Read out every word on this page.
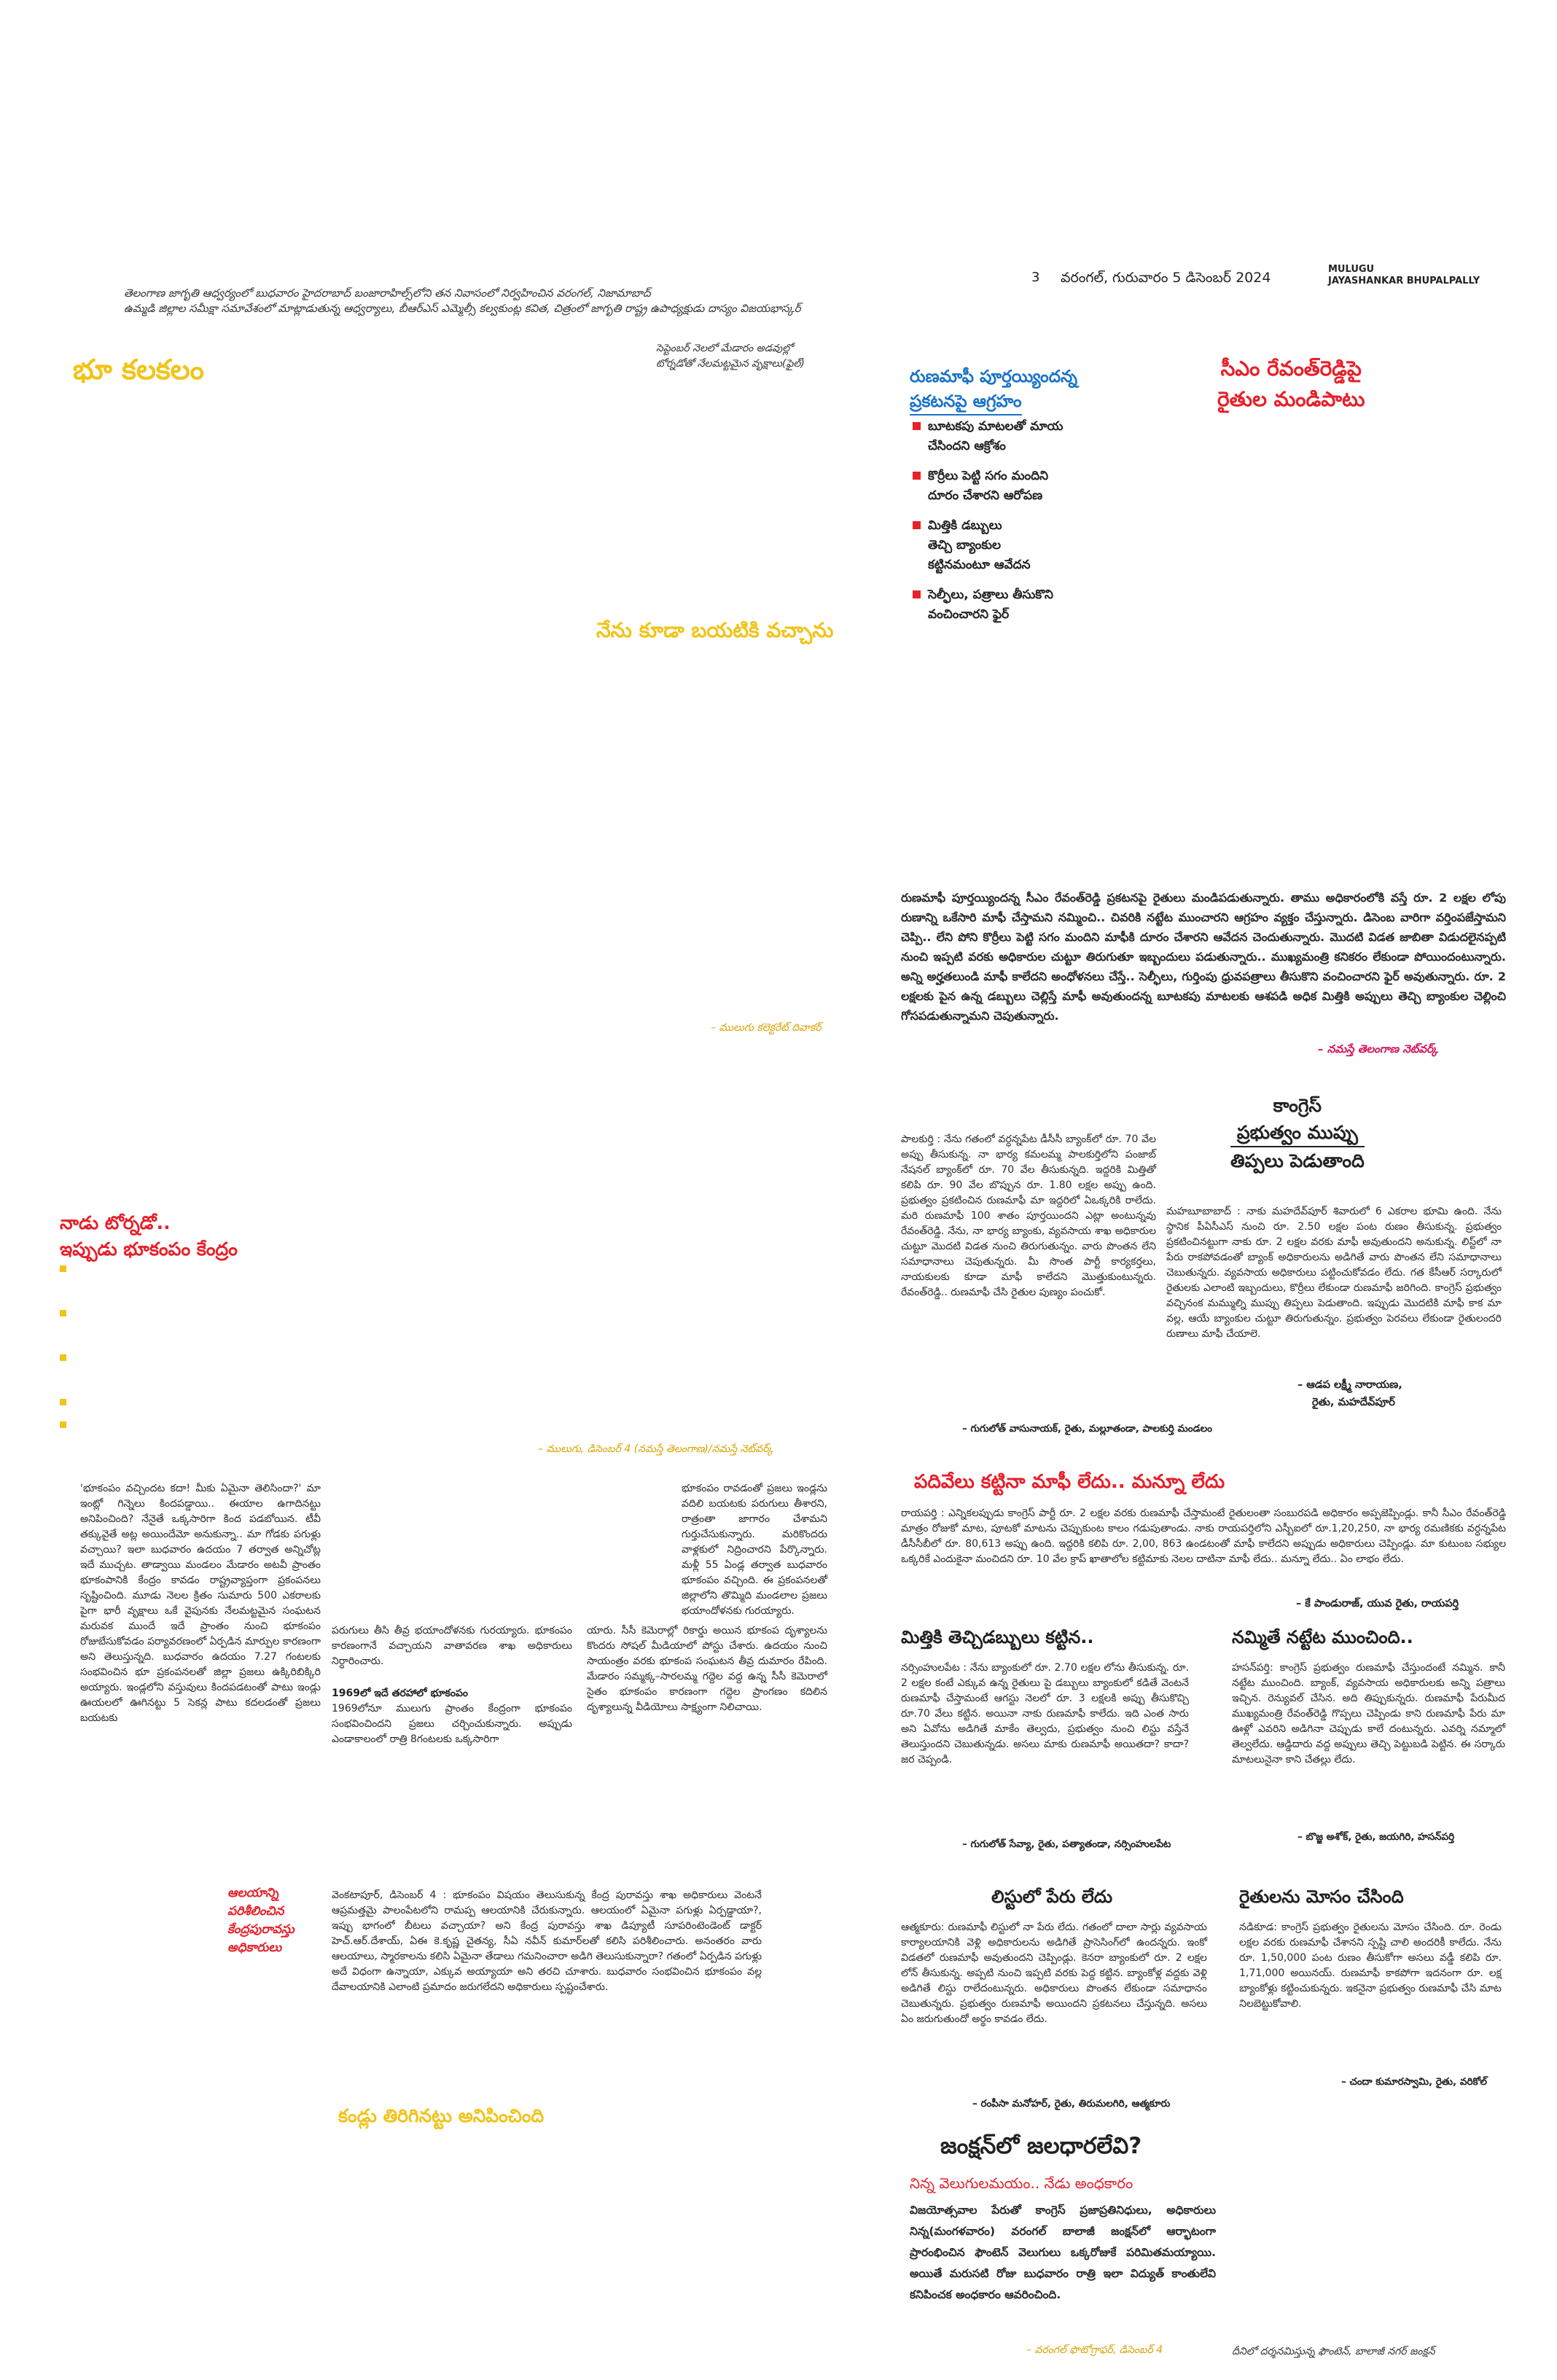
3 వరంగల్‌, గురువారం 5 డిసెంబర్‌ 2024
MULUGU
JAYASHANKAR BHUPALPALLY
తెలంగాణ జాగృతి ఆధ్వర్యంలో బుధవారం హైదరాబాద్‌ బంజారాహిల్స్‌లోని తన నివాసంలో నిర్వహించిన వరంగల్‌, నిజామాబాద్‌
ఉమ్మడి జిల్లాల సమీక్షా సమావేశంలో మాట్లాడుతున్న ఆధ్వర్యాలు, బీఆర్‌ఎస్‌ ఎమ్మెల్సీ కల్వకుంట్ల కవిత, చిత్రంలో జాగృతి రాష్ట్ర ఉపాధ్యక్షుడు దాస్యం విజయభాస్కర్‌
భూ కలకలం
సెప్టెంబర్‌ నెలలో మేడారం అడవుల్లో
టోర్నడోతో నేలమట్టమైన వృక్షాలు(ఫైల్‌)
రుణమాఫీ పూర్తయ్యిందన్న
ప్రకటనపై ఆగ్రహం
బూటకపు మాటలతో మాయ
చేసిందని ఆక్రోశం
కొర్రీలు పెట్టి సగం మందిని
దూరం చేశారని ఆరోపణ
మిత్తికి డబ్బులు
తెచ్చి బ్యాంకుల
కట్టినమంటూ ఆవేదన
సెల్ఫీలు, పత్రాలు తీసుకొని
వంచించారని ఫైర్‌
సీఎం రేవంత్‌రెడ్డిపై
రైతుల మండిపాటు
నేను కూడా బయటికి వచ్చాను
రుణమాఫీ పూర్తయ్యిందన్న సీఎం రేవంత్‌రెడ్డి ప్రకటనపై రైతులు మండిపడుతున్నారు. తాము అధికారంలోకి వస్తే రూ. 2 లక్షల లోపు రుణాన్ని ఒకేసారి మాఫీ చేస్తామని నమ్మించి.. చివరికి నట్టేట ముంచారని ఆగ్రహం వ్యక్తం చేస్తున్నారు. డిసెంబ వారిగా వర్తింపజేస్తామని చెప్పి.. లేని పోని కొర్రీలు పెట్టి సగం మందిని మాఫీకి దూరం చేశారని ఆవేదన చెందుతున్నారు. మొదటి విడత జాబితా విడుదలైనప్పటి నుంచి ఇప్పటి వరకు అధికారుల చుట్టూ తిరుగుతూ ఇబ్బందులు పడుతున్నారు.. ముఖ్యమంత్రి కనికరం లేకుండా పోయిందంటున్నారు. అన్ని అర్హతలుండి మాఫీ కాలేదని అంధోళనలు చేస్తే.. సెల్ఫీలు, గుర్తింపు ధ్రువపత్రాలు తీసుకొని వంచించారని ఫైర్‌ అవుతున్నారు. రూ. 2 లక్షలకు పైన ఉన్న డబ్బులు చెల్లిస్తే మాఫీ అవుతుందన్న బూటకపు మాటలకు ఆశపడి అధిక మిత్తికి అప్పులు తెచ్చి బ్యాంకుల చెల్లించి గోసపడుతున్నామని చెపుతున్నారు.
– నమస్తే తెలంగాణ నెట్‌వర్క్‌
– ములుగు కలెక్టరేట్‌ దివాకర్‌
కాంగ్రెస్‌
ప్రభుత్వం ముప్పు
తిప్పలు పెడుతాంది
పాలకుర్తి : నేను గతంలో వర్ధన్నపేట డీసీసీ బ్యాంక్‌లో రూ. 70 వేల అప్పు తీసుకున్న. నా భార్య కమలమ్మ పాలకుర్తిలోని పంజాబ్‌ నేషనల్‌ బ్యాంక్‌లో రూ. 70 వేల తీసుకున్నది. ఇద్దరికి మిత్తితో కలిపి రూ. 90 వేల బొప్పున రూ. 1.80 లక్షల అప్పు ఉంది. ప్రభుత్వం ప్రకటించిన రుణమాఫీ మా ఇద్దరిలో ఏఒక్కరికి రాలేదు. మరి రుణమాఫీ 100 శాతం పూర్తయిందని ఎట్లా అంటున్నవు రేవంత్‌రెడ్డి. నేను, నా భార్య బ్యాంకు, వ్యవసాయ శాఖ అధికారుల చుట్టూ మొదటి విడత నుంచి తిరుగుతున్నం. వారు పొంతన లేని సమాధానాలు చెపుతున్నరు. మీ సొంత పార్టీ కార్యకర్తలు, నాయకులకు కూడా మాఫీ కాలేదని మొత్తుకుంటున్నరు. రేవంత్‌రెడ్డి.. రుణమాఫీ చేసి రైతుల పుణ్యం పంచుకో.
– గుగులోత్‌ వాసునాయక్‌, రైతు, మల్లూతండా, పాలకుర్తి మండలం
మహబూబాబాద్‌ : నాకు మహదేవ్‌పూర్‌ శివారులో 6 ఎకరాల భూమి ఉంది. నేను స్థానిక పీఏసీఎస్‌ నుంచి రూ. 2.50 లక్షల పంట రుణం తీసుకున్న. ప్రభుత్వం ప్రకటించినట్టుగా నాకు రూ. 2 లక్షల వరకు మాఫీ అవుతుందని అనుకున్న. లిస్ట్‌లో నా పేరు రాకపోవడంతో బ్యాంక్‌ అధికారులను అడిగితే వారు పొంతన లేని సమాధానాలు చెబుతున్నరు. వ్యవసాయ అధికారులు పట్టించుకోవడం లేదు. గత కేసీఆర్‌ సర్కారులో రైతులకు ఎలాంటి ఇబ్బందులు, కొర్రీలు లేకుండా రుణమాఫీ జరిగింది. కాంగ్రెస్‌ ప్రభుత్వం వచ్చినంక మమ్ముల్ని ముప్పు తిప్పలు పెడుతాంది. ఇప్పుడు మొదటికి మాఫీ కాక మా వల్ల, ఆయే బ్యాంకుల చుట్టూ తిరుగుతున్నం. ప్రభుత్వం పెరవలు లేకుండా రైతులందరి రుణాలు మాఫీ చేయాలె.
– ఆడప లక్ష్మీ నారాయణ,
రైతు, మహదేవ్‌పూర్‌
నాడు టోర్నడో..
ఇప్పుడు భూకంపం కేంద్రం
– ములుగు, డిసెంబర్‌ 4 (నమస్తే తెలంగాణ)/నమస్తే నెట్‌వర్క్‌
'భూకంపం వచ్చిందట కదా! మీకు ఏమైనా తెలిసిందా?' మా ఇంట్లో గిన్నెలు కిందపడ్డాయి.. ఈయాల ఉగాదినట్టు అనిపించింది? నేనైతే ఒక్కసారిగా కింద పడబోయిన. టీవీ తక్కువైతే అట్ల అయిందేమో అనుకున్నా.. మా గోడకు పగుళ్లు వచ్చాయి? ఇలా బుధవారం ఉదయం 7 తర్వాత అన్నిచోట్ల ఇదే ముచ్చట. తాడ్వాయి మండలం మేడారం అటవీ ప్రాంతం భూకంపానికి కేంద్రం కావడం రాష్ట్రవ్యాప్తంగా ప్రకంపనలు సృష్టించింది. మూడు నెలల క్రితం సుమారు 500 ఎకరాలకు పైగా భారీ వృక్షాలు ఒకే వైపునకు నేలమట్టమైన సంఘటన మరువక ముందే ఇదే ప్రాంతం నుంచి భూకంపం రోజుబేసుకోవడం పర్యావరణంలో ఏర్పడిన మార్పుల కారణంగా అని తెలుస్తున్నది. బుధవారం ఉదయం 7.27 గంటలకు సంభవించిన భూ ప్రకంపనలతో జిల్లా ప్రజలు ఉక్కిరిబిక్కిరి అయ్యారు. ఇండ్లలోని వస్తువులు కిందపడటంతో పాటు ఇండ్లు ఊయలలో ఊగినట్టు 5 సెకన్ల పాటు కదలడంతో ప్రజలు బయటకు
పరుగులు తీసి తీవ్ర భయాందోళనకు గురయ్యారు. భూకంపం కారణంగానే వచ్చాయని వాతావరణ శాఖ అధికారులు నిర్ధారించారు.
1969లో ఇదే తరహాలో భూకంపం
1969లోనూ ములుగు ప్రాంతం కేంద్రంగా భూకంపం సంభవించిందని ప్రజలు చర్చించుకున్నారు. అప్పుడు ఎండాకాలంలో రాత్రి 8గంటలకు ఒక్కసారిగా
భూకంపం రావడంతో ప్రజలు ఇండ్లను వదిలి బయటకు పరుగులు తీశారని, రాత్రంతా జాగారం చేశామని గుర్తుచేసుకున్నారు. మరికొందరు వాళ్లకులో నిద్రించారని పేర్కొన్నారు. మళ్లీ 55 ఏండ్ల తర్వాత బుధవారం భూకంపం వచ్చింది. ఈ ప్రకంపనలతో జిల్లాలోని తొమ్మిది మండలాల ప్రజలు భయాందోళనకు గురయ్యారు.
యారు. సీసీ కెమెరాల్లో రికార్డు అయిన భూకంప దృశ్యాలను కొందరు సోషల్‌ మీడియాలో పోస్టు చేశారు. ఉదయం నుంచి సాయంత్రం వరకు భూకంప సంఘటన తీవ్ర దుమారం రేపింది. మేడారం సమ్మక్క–సారలమ్మ గద్దెల వద్ద ఉన్న సీసీ కెమెరాలో సైతం భూకంపం కారణంగా గద్దెల ప్రాంగణం కదిలిన దృశ్యాలున్న వీడియోలు సాక్ష్యంగా నిలిచాయి.
పదివేలు కట్టినా మాఫీ లేదు.. మన్నూ లేదు
రాయపర్తి : ఎన్నికలప్పుడు కాంగ్రెస్‌ పార్టీ రూ. 2 లక్షల వరకు రుణమాఫీ చేస్తామంటే రైతులంతా సంబురపడి అధికారం అప్పజెప్పిండ్లు. కానీ సీఎం రేవంత్‌రెడ్డి మాత్రం రోజుకో మాట, పూటకో మాటను చెప్పుకుంట కాలం గడుపుతాండు. నాకు రాయపర్తిలోని ఎస్బీఐలో రూ.1,20,250, నా భార్య రమణికకు వర్ధన్నపేట డీసీసీబీలో రూ. 80,613 అప్పు ఉంది. ఇద్దరికి కలిపి రూ. 2,00, 863 ఉండటంతో మాఫీ కాలేదని అప్పుడు అధికారులు చెప్పిండ్లు. మా కుటుంబ సభ్యుల ఒక్కరికే ఎందుకైనా మంచిదని రూ. 10 వేల క్రాప్‌ ఖాతాలోల కట్టిమాకు నెలల దాటినా మాఫీ లేదు.. మన్నూ లేదు.. ఏం లాభం లేదు.
– కే పాండురాజ్‌, యువ రైతు, రాయపర్తి
మిత్తికి తెచ్చిడబ్బులు కట్టిన..
నర్సింహులపేట : నేను బ్యాంకులో రూ. 2.70 లక్షల లోను తీసుకున్న. రూ. 2 లక్షల కంటే ఎక్కువ ఉన్న రైతులు పై డబ్బులు బ్యాంకులో కడితే వెంటనే రుణమాఫీ చేస్తామంటే ఆగస్టు నెలలో రూ. 3 లక్షలకి అప్పు తీసుకొచ్చి రూ.70 వేలు కట్టిన. అయినా నాకు రుణమాఫీ కాలేదు. ఇది ఎంత సారు అని ఏవోను అడిగితే మాకేం తెల్వదు, ప్రభుత్వం నుంచి లిస్టు వస్తేనే తెలుస్తుందని చెబుతున్నడు. అసలు మాకు రుణమాఫీ అయితదా? కాదా? జర చెప్పండి.
– గుగులోత్‌ సేవ్యా, రైతు, పత్యాతండా, నర్సింహులపేట
నమ్మితే నట్టేట ముంచింది..
హసన్‌పర్తి: కాంగ్రెస్‌ ప్రభుత్వం రుణమాఫీ చేస్తుందంటే నమ్మిన. కానీ నట్టేట ముంచింది. బ్యాంక్‌, వ్యవసాయ అధికారులకు అన్ని పత్రాలు ఇచ్చిన. రెన్యువల్‌ చేసిన. అది తిప్పుకున్నరు. రుణమాఫీ పేరుమీద ముఖ్యమంత్రి రేవంత్‌రెడ్డి గొప్పలు చెప్పిండు కాని రుణమాఫీ పేరు మా ఊళ్లో ఎవరిని అడిగినా చెప్పుడు కాలే దంటున్నరు. ఎవర్ని నమ్మాలో తెల్వలేదు. ఆడ్డిదారు వద్ద అప్పులు తెచ్చి పెట్టుబడి పెట్టిన. ఈ సర్కారు మాటలునైనా కాని చేతల్లు లేదు.
– బొజ్జ అశోక్‌, రైతు, జయగిరి, హసన్‌పర్తి
ఆలయాన్ని
పరిశీలించిన
కేంద్రపురావస్తు
అధికారులు
వెంకటాపూర్‌, డిసెంబర్‌ 4 : భూకంపం విషయం తెలుసుకున్న కేంద్ర పురావస్తు శాఖ అధికారులు వెంటనే ఆప్రమత్తమై పాలంపేటలోని రామప్ప ఆలయానికి చేరుకున్నారు. ఆలయంలో ఏమైనా పగుళ్లు ఏర్పడ్డాయా?, ఇప్పు భాగంలో బీటలు వచ్చాయా? అని కేంద్ర పురావస్తు శాఖ డిప్యూటీ సూపరింటెండెంట్‌ డాక్టర్‌ హెచ్‌.ఆర్‌.దేశాయ్‌, ఏఈ కె.కృష్ణ చైతన్య, సీఏ నవీన్‌ కుమార్‌లతో కలిసి పరిశీలించారు. అనంతరం వారు ఆలయాలు, స్మారకాలను కలిసి ఏమైనా తేడాలు గమనించారా అడిగి తెలుసుకున్నారా? గతంలో ఏర్పడిన పగుళ్లు అదే విధంగా ఉన్నాయా, ఎక్కువ అయ్యాయా అని తరచి చూశారు. బుధవారం సంభవించిన భూకంపం వల్ల దేవాలయానికి ఎలాంటి ప్రమాదం జరుగలేదని అధికారులు స్పష్టంచేశారు.
కండ్లు తిరిగినట్టు అనిపించింది
లిస్టులో పేరు లేదు
ఆత్మకూరు: రుణమాఫీ లిస్టులో నా పేరు లేదు. గతంలో దాలా సార్లు వ్యవసాయ కార్యాలయానికి వెళ్లి అధికారులను అడిగితే ప్రాసెసింగ్‌లో ఉందన్నరు. ఇంకో విడతలో రుణమాఫీ అవుతుందని చెప్పిండ్లు. కెనరా బ్యాంకులో రూ. 2 లక్షల లోన్‌ తీసుకున్న. అప్పటి నుంచి ఇప్పటి వరకు పెద్ద కట్టిన. బ్యాంకోళ్ల వద్దకు వెళ్లి అడిగితే లిస్టు రాలేదంటున్నరు. అధికారులు పొంతన లేకుండా సమాధానం చెబుతున్నరు. ప్రభుత్వం రుణమాఫీ అయిందని ప్రకటనలు చేస్తున్నది. అసలు ఏం జరుగుతుందో అర్థం కావడం లేదు.
– రంపీసా మనోహర్‌, రైతు, తిరుమలగిరి, ఆత్మకూరు
రైతులను మోసం చేసింది
నడికూడ: కాంగ్రెస్‌ ప్రభుత్వం రైతులను మోసం చేసింది. రూ. రెండు లక్షల వరకు రుణమాఫీ చేశానని స్పష్టి చాలి అందరికీ కాలేదు. నేను రూ. 1,50,000 పంట రుణం తీసుకోగా అసలు వడ్డీ కలిపి రూ. 1,71,000 అయినయ్‌. రుణమాఫీ కాకపోగా ఇదనంగా రూ. లక్ష బ్యాంకోళ్లు కట్టించుకున్నరు. ఇకనైనా ప్రభుత్వం రుణమాఫీ చేసి మాట నిలబెట్టుకోవాలి.
– చందా కుమారస్వామి, రైతు, వరికోల్‌
జంక్షన్‌లో జలధారలేవి?
నిన్న వెలుగులమయం.. నేడు అంధకారం
విజయోత్సవాల పేరుతో కాంగ్రెస్‌ ప్రజాప్రతినిధులు, అధికారులు నిన్న(మంగళవారం) వరంగల్‌ బాలాజీ జంక్షన్‌లో ఆర్భాటంగా ప్రారంభించిన ఫౌంటెన్‌ వెలుగులు ఒక్కరోజుకే పరిమితమయ్యాయి. అయితే మరుసటి రోజు బుధవారం రాత్రి ఇలా విద్యుత్‌ కాంతులేవి కనిపించక అంధకారం ఆవరించింది.
– వరంగల్‌ ఫొటోగ్రాఫర్‌, డిసెంబర్‌ 4	దీనిలో దర్శనమిస్తున్న ఫౌంటెన్‌, బాలాజీ నగర్‌ జంక్షన్‌
